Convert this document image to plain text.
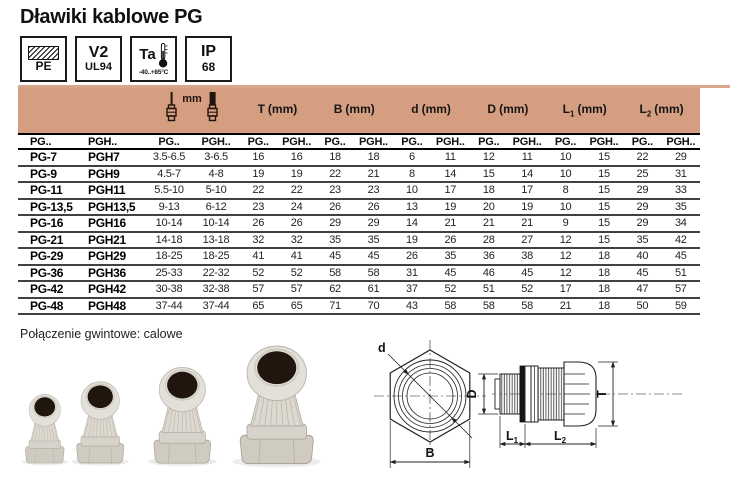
Dławiki kablowe PG
PE
V2
UL94
Ta
-40..+85°C
IP
68
mm
T (mm)	B (mm)	d (mm)	D (mm)	$L_1$ (mm)	$L_2$ (mm)
PG..	PGH..	PG..	PGH..	PG..	PGH..	PG..	PGH..	PG..	PGH..	PG..	PGH..	PG..	PGH..	PG..	PGH..
PG-7	PGH7	3.5-6.5	3-6.5	16	16	18	18	6	11	12	11	10	15	22	29
PG-9	PGH9	4.5-7	4-8	19	19	22	21	8	14	15	14	10	15	25	31
PG-11	PGH11	5.5-10	5-10	22	22	23	23	10	17	18	17	8	15	29	33
PG-13,5	PGH13,5	9-13	6-12	23	24	26	26	13	19	20	19	10	15	29	35
PG-16	PGH16	10-14	10-14	26	26	29	29	14	21	21	21	9	15	29	34
PG-21	PGH21	14-18	13-18	32	32	35	35	19	26	28	27	12	15	35	42
PG-29	PGH29	18-25	18-25	41	41	45	45	26	35	36	38	12	18	40	45
PG-36	PGH36	25-33	22-32	52	52	58	58	31	45	46	45	12	18	45	51
PG-42	PGH42	30-38	32-38	57	57	62	61	37	52	51	52	17	18	47	57
PG-48	PGH48	37-44	37-44	65	65	71	70	43	58	58	58	21	18	50	59
Połączenie gwintowe: calowe
d
B
D	T
$L_1$	$L_2$
